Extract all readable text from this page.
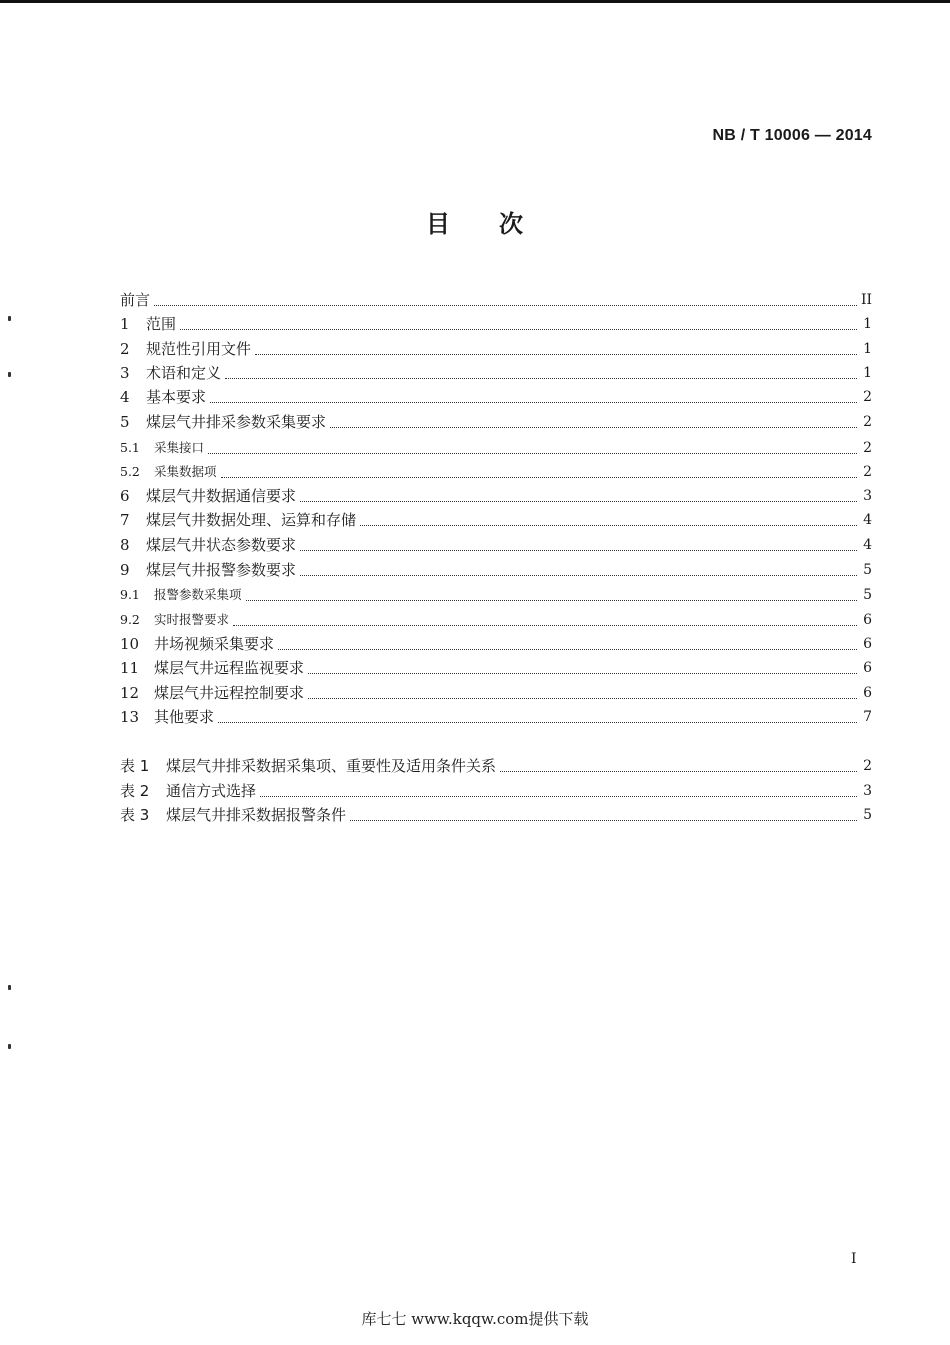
NB / T 10006 — 2014
目 次
前言	II
1	范围	1
2	规范性引用文件	1
3	术语和定义	1
4	基本要求	2
5	煤层气井排采参数采集要求	2
5.1	采集接口	2
5.2	采集数据项	2
6	煤层气井数据通信要求	3
7	煤层气井数据处理、运算和存储	4
8	煤层气井状态参数要求	4
9	煤层气井报警参数要求	5
9.1	报警参数采集项	5
9.2	实时报警要求	6
10 井场视频采集要求	6
11 煤层气井远程监视要求	6
12 煤层气井远程控制要求	6
13 其他要求	7
表 1	煤层气井排采数据采集项、重要性及适用条件关系	2
表 2	通信方式选择	3
表 3	煤层气井排采数据报警条件	5
I
库七七 www.kqqw.com提供下载
